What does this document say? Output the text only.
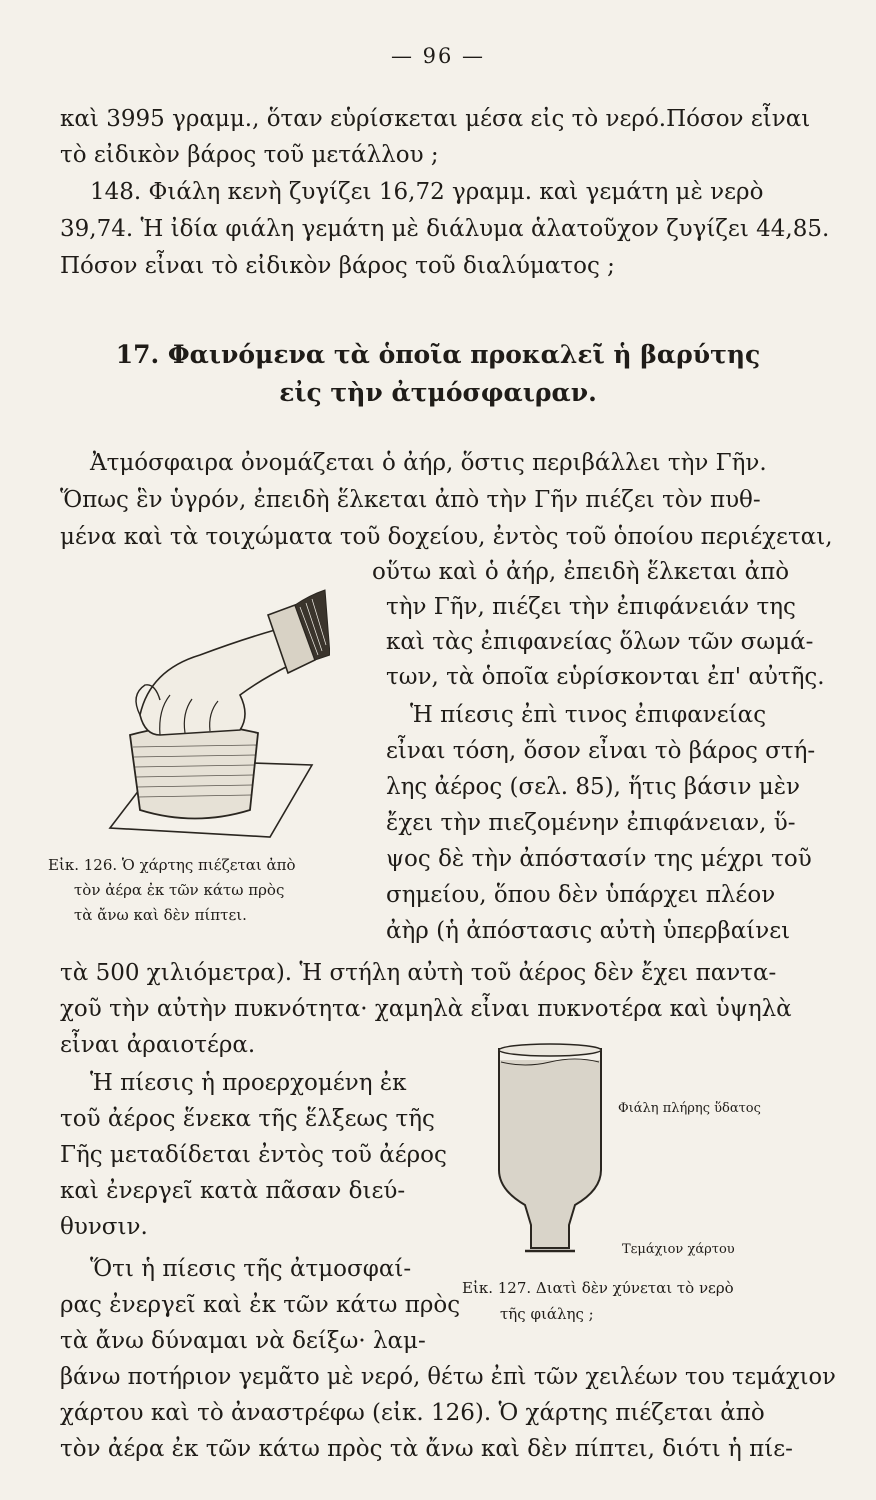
— 96 —
καὶ 3995 γραμμ., ὅταν εὑρίσκεται μέσα εἰς τὸ νερό.Πόσον εἶναι
τὸ εἰδικὸν βάρος τοῦ μετάλλου ;
148. Φιάλη κενὴ ζυγίζει 16,72 γραμμ. καὶ γεμάτη μὲ νερὸ
39,74. Ἡ ἰδία φιάλη γεμάτη μὲ διάλυμα ἁλατοῦχον ζυγίζει 44,85.
Πόσον εἶναι τὸ εἰδικὸν βάρος τοῦ διαλύματος ;
17. Φαινόμενα τὰ ὁποῖα προκαλεῖ ἡ βαρύτης
εἰς τὴν ἀτμόσφαιραν.
Ἀτμόσφαιρα ὀνομάζεται ὁ ἀήρ, ὅστις περιβάλλει τὴν Γῆν.
Ὅπως ἓν ὑγρόν, ἐπειδὴ ἕλκεται ἀπὸ τὴν Γῆν πιέζει τὸν πυθ-
μένα καὶ τὰ τοιχώματα τοῦ δοχείου, ἐντὸς τοῦ ὁποίου περιέχεται,
οὕτω καὶ ὁ ἀήρ, ἐπειδὴ ἕλκεται ἀπὸ
τὴν Γῆν, πιέζει τὴν ἐπιφάνειάν της
καὶ τὰς ἐπιφανείας ὅλων τῶν σωμά-
των, τὰ ὁποῖα εὑρίσκονται ἐπ' αὐτῆς.
Ἡ πίεσις ἐπὶ τινος ἐπιφανείας
εἶναι τόση, ὅσον εἶναι τὸ βάρος στή-
λης ἀέρος (σελ. 85), ἥτις βάσιν μὲν
ἔχει τὴν πιεζομένην ἐπιφάνειαν, ὕ-
ψος δὲ τὴν ἀπόστασίν της μέχρι τοῦ
σημείου, ὅπου δὲν ὑπάρχει πλέον
ἀὴρ (ἡ ἀπόστασις αὐτὴ ὑπερβαίνει
Εἰκ. 126. Ὁ χάρτης πιέζεται ἀπὸ
τὸν ἀέρα ἐκ τῶν κάτω πρὸς
τὰ ἄνω καὶ δὲν πίπτει.
τὰ 500 χιλιόμετρα). Ἡ στήλη αὐτὴ τοῦ ἀέρος δὲν ἔχει παντα-
χοῦ τὴν αὐτὴν πυκνότητα· χαμηλὰ εἶναι πυκνοτέρα καὶ ὑψηλὰ
εἶναι ἀραιοτέρα.
Ἡ πίεσις ἡ προερχομένη ἐκ
τοῦ ἀέρος ἕνεκα τῆς ἕλξεως τῆς
Γῆς μεταδίδεται ἐντὸς τοῦ ἀέρος
καὶ ἐνεργεῖ κατὰ πᾶσαν διεύ-
θυνσιν.
Ὅτι ἡ πίεσις τῆς ἀτμοσφαί-
ρας ἐνεργεῖ καὶ ἐκ τῶν κάτω πρὸς
τὰ ἄνω δύναμαι νὰ δείξω· λαμ-
Φιάλη πλήρης ὕδατος
Τεμάχιον χάρτου
Εἰκ. 127. Διατὶ δὲν χύνεται τὸ νερὸ
τῆς φιάλης ;
βάνω ποτήριον γεμᾶτο μὲ νερό, θέτω ἐπὶ τῶν χειλέων του τεμάχιον
χάρτου καὶ τὸ ἀναστρέφω (εἰκ. 126). Ὁ χάρτης πιέζεται ἀπὸ
τὸν ἀέρα ἐκ τῶν κάτω πρὸς τὰ ἄνω καὶ δὲν πίπτει, διότι ἡ πίε-
